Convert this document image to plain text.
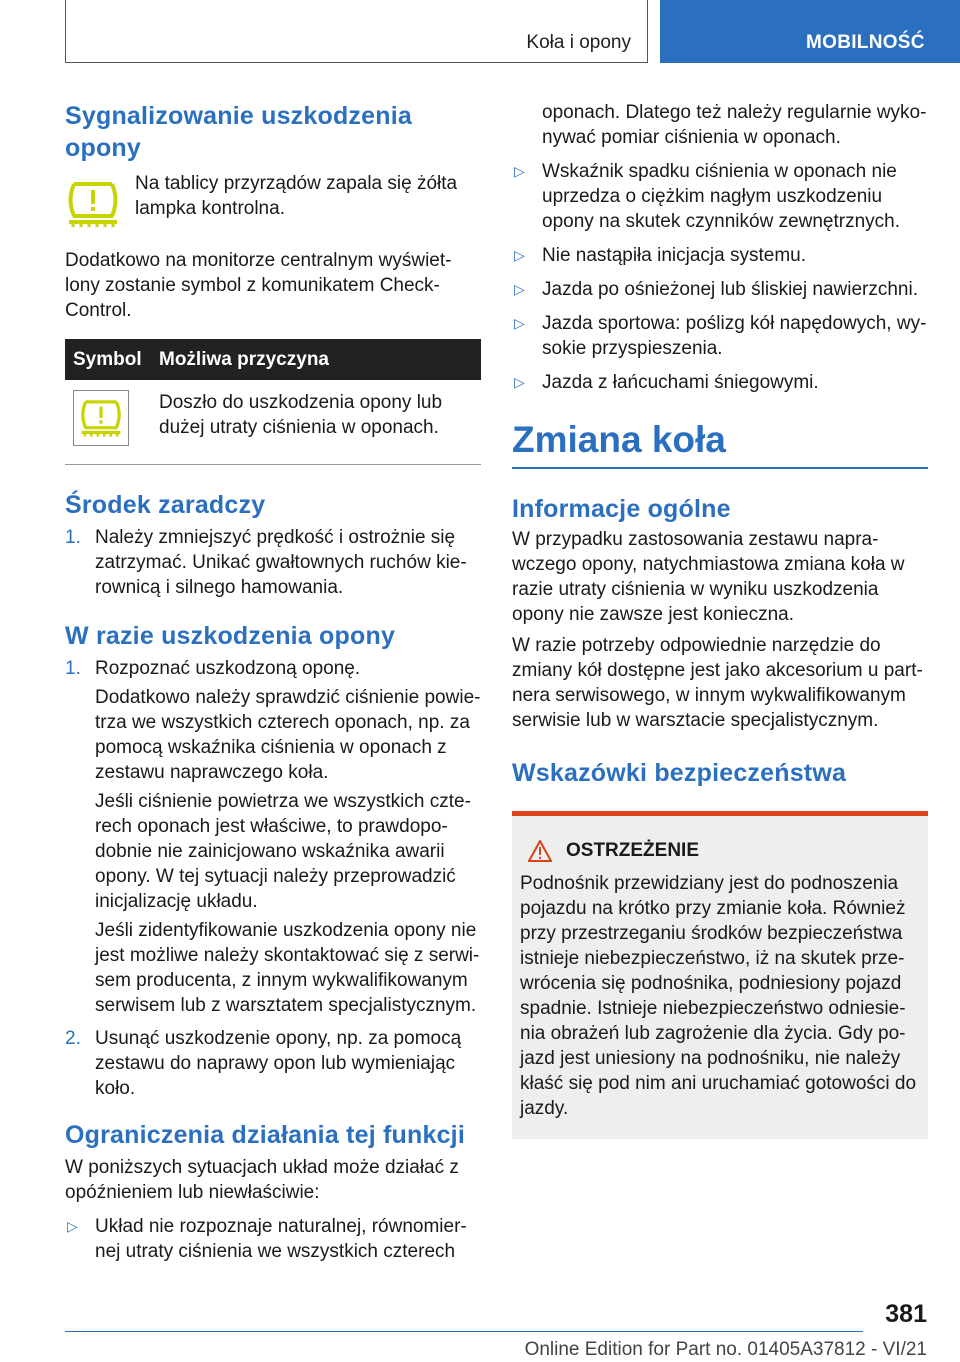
Koła i opony	MOBILNOŚĆ
Sygnalizowanie uszkodzenia opony

Na tablicy przyrządów zapala się żółta lampka kontrolna.

Dodatkowo na monitorze centralnym wyświet-lony zostanie symbol z komunikatem Check-Control.

Symbol	Możliwa przyczyna

	Doszło do uszkodzenia opony lub dużej utraty ciśnienia w oponach.
Środek zaradczy
1. Należy zmniejszyć prędkość i ostrożnie się zatrzymać. Unikać gwałtownych ruchów kie-rownicą i silnego hamowania.
W razie uszkodzenia opony
1. Rozpoznać uszkodzoną oponę.

Dodatkowo należy sprawdzić ciśnienie powie-trza we wszystkich czterech oponach, np. za pomocą wskaźnika ciśnienia w oponach z zestawu naprawczego koła.

Jeśli ciśnienie powietrza we wszystkich czte-rech oponach jest właściwe, to prawdopo-dobnie nie zainicjowano wskaźnika awarii opony. W tej sytuacji należy przeprowadzić inicjalizację układu.

Jeśli zidentyfikowanie uszkodzenia opony nie jest możliwe należy skontaktować się z serwi-sem producenta, z innym wykwalifikowanym serwisem lub z warsztatem specjalistycznym.

2. Usunąć uszkodzenie opony, np. za pomocą zestawu do naprawy opon lub wymieniając koło.

Ograniczenia działania tej funkcji

W poniższych sytuacjach układ może działać z opóźnieniem lub niewłaściwie:

▷ Układ nie rozpoznaje naturalnej, równomier-nej utraty ciśnienia we wszystkich czterech

oponach. Dlatego też należy regularnie wyko-nywać pomiar ciśnienia w oponach.

▷ Wskaźnik spadku ciśnienia w oponach nie uprzedza o ciężkim nagłym uszkodzeniu opony na skutek czynników zewnętrznych.
▷ Nie nastąpiła inicjacja systemu.
▷ Jazda po ośnieżonej lub śliskiej nawierzchni.
▷ Jazda sportowa: poślizg kół napędowych, wy-sokie przyspieszenia.
▷ Jazda z łańcuchami śniegowymi.
Zmiana koła
Informacje ogólne

W przypadku zastosowania zestawu napra-wczego opony, natychmiastowa zmiana koła w razie utraty ciśnienia w wyniku uszkodzenia opony nie zawsze jest konieczna.

W razie potrzeby odpowiednie narzędzie do zmiany kół dostępne jest jako akcesorium u part-nera serwisowego, w innym wykwalifikowanym serwisie lub w warsztacie specjalistycznym.

Wskazówki bezpieczeństwa
OSTRZEŻENIE

Podnośnik przewidziany jest do podnoszenia pojazdu na krótko przy zmianie koła. Również przy przestrzeganiu środków bezpieczeństwa istnieje niebezpieczeństwo, iż na skutek prze-wrócenia się podnośnika, podniesiony pojazd spadnie. Istnieje niebezpieczeństwo odniesie-nia obrażeń lub zagrożenie dla życia. Gdy po-jazd jest uniesiony na podnośniku, nie należy kłaść się pod nim ani uruchamiać gotowości do jazdy.

381
Online Edition for Part no. 01405A37812 - VI/21
